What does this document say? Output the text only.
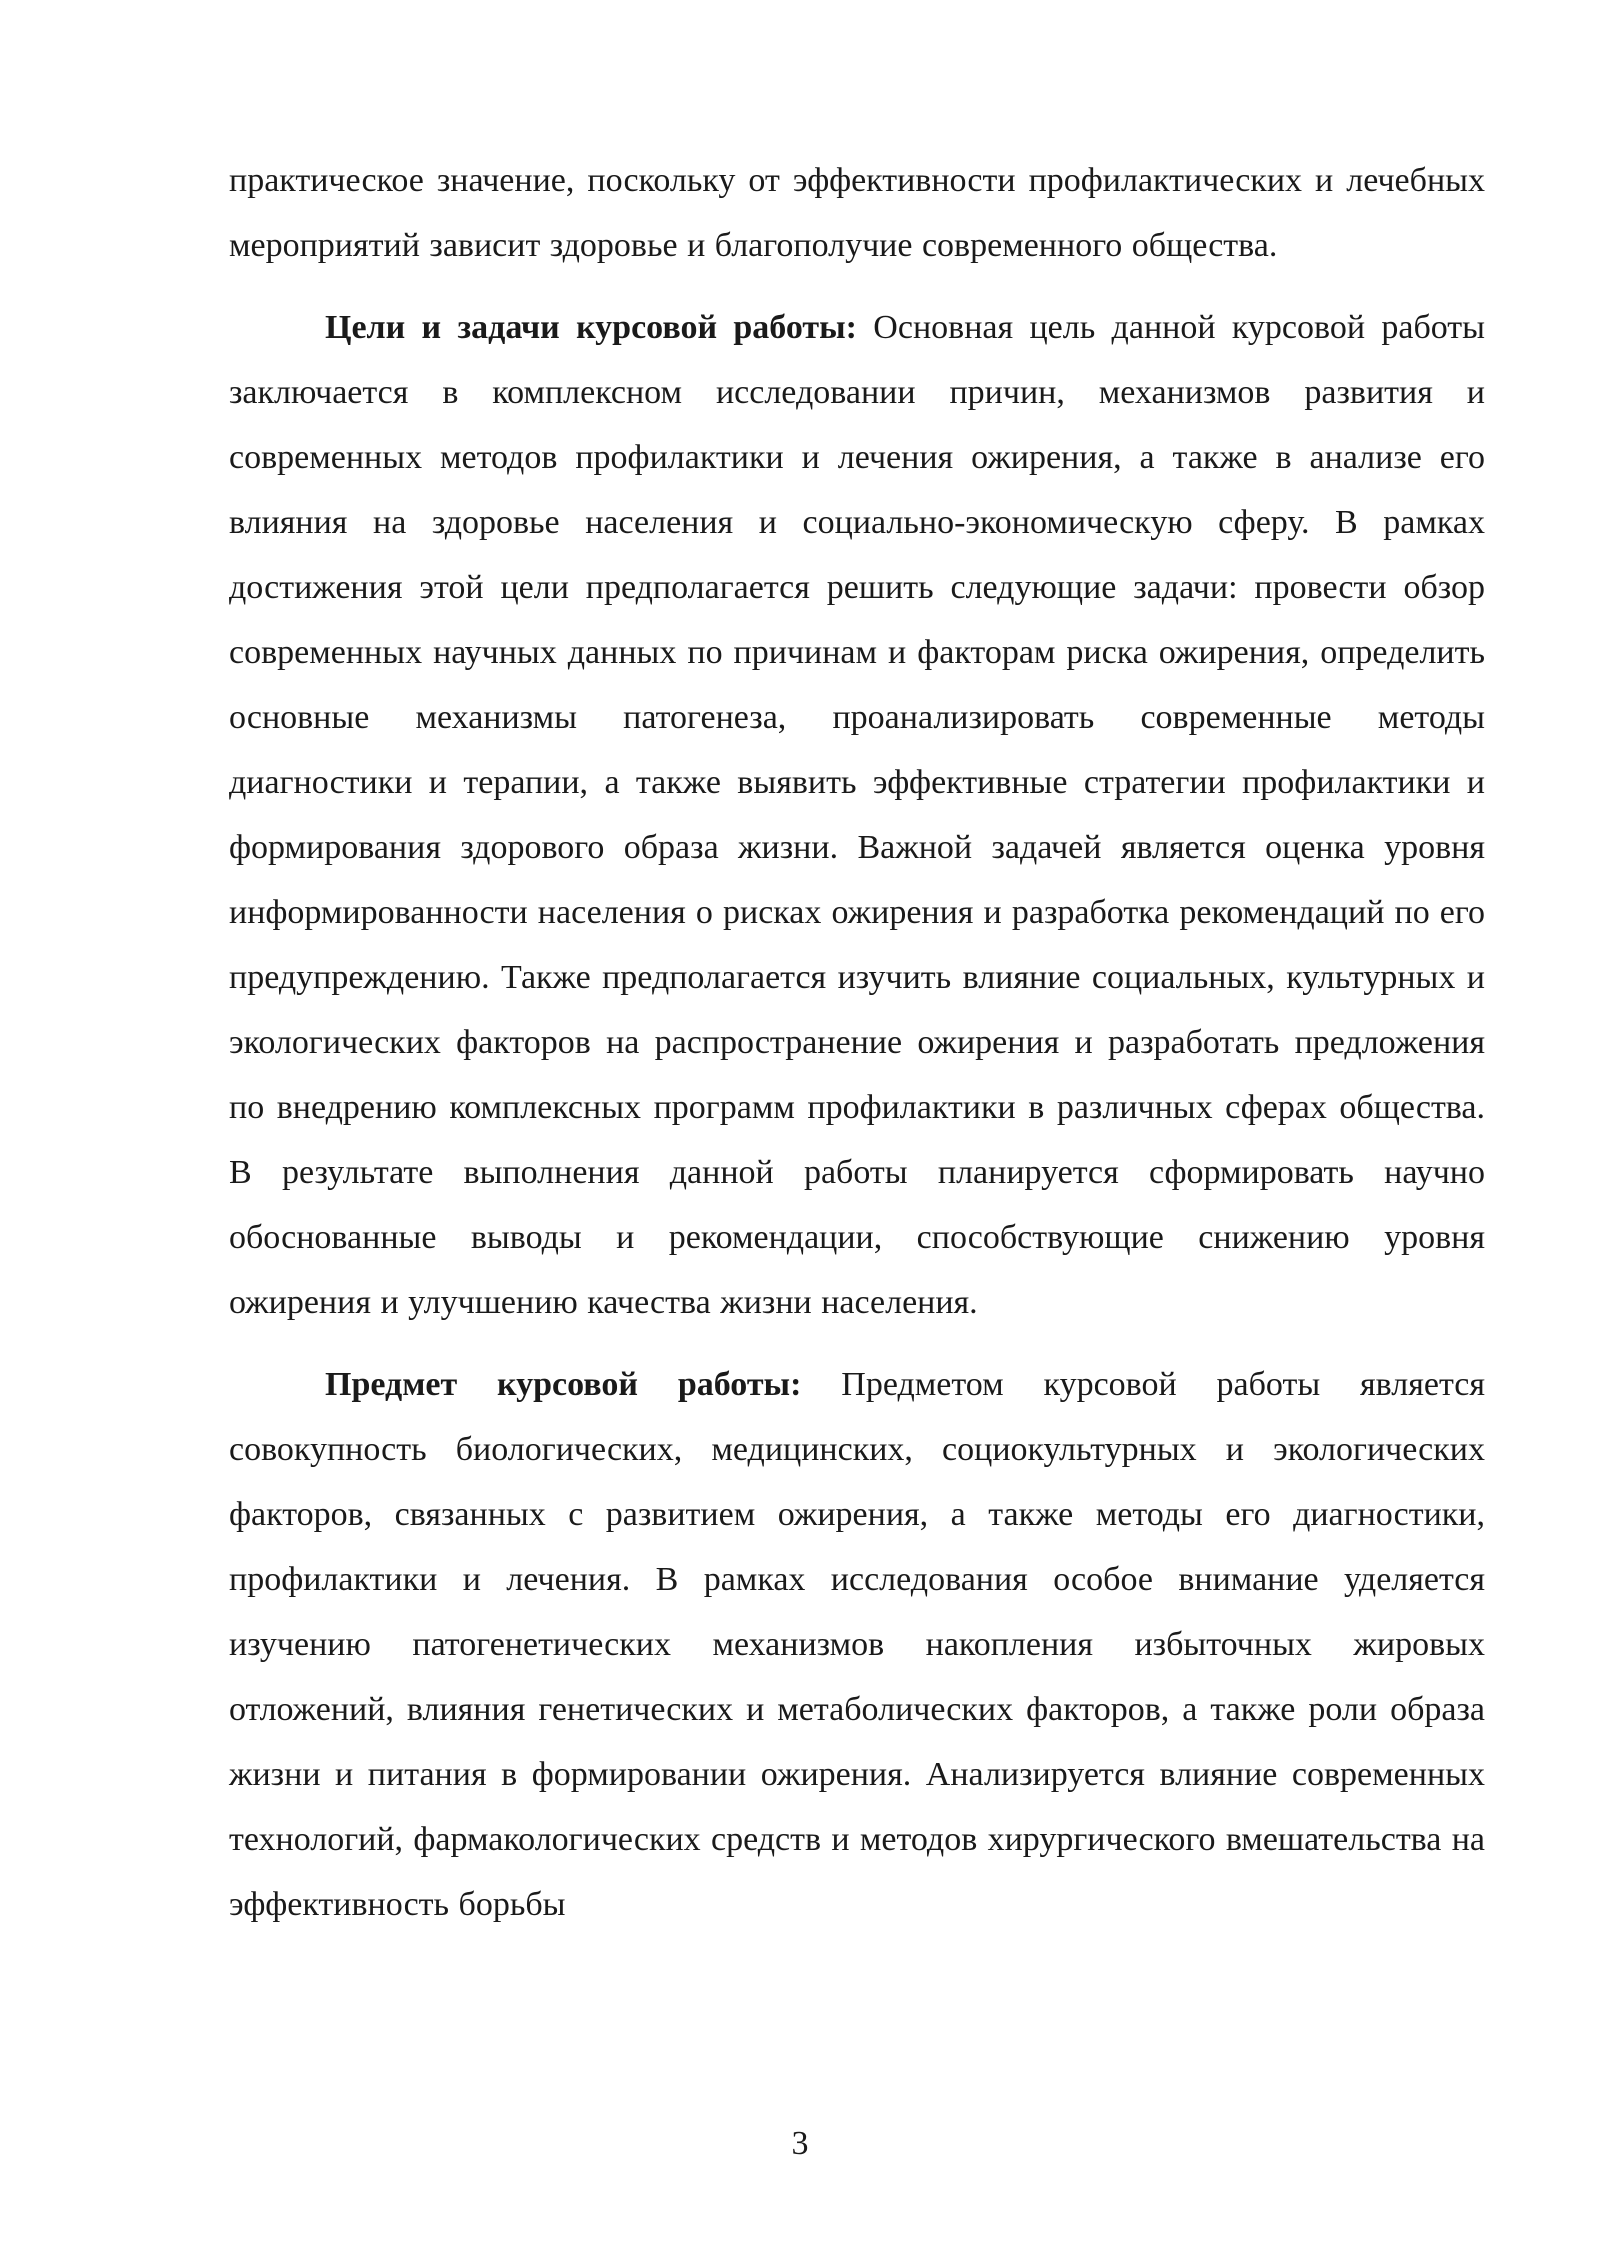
практическое значение, поскольку от эффективности профилактических и лечебных мероприятий зависит здоровье и благополучие современного общества.

Цели и задачи курсовой работы: Основная цель данной курсовой работы заключается в комплексном исследовании причин, механизмов развития и современных методов профилактики и лечения ожирения, а также в анализе его влияния на здоровье населения и социально-экономическую сферу. В рамках достижения этой цели предполагается решить следующие задачи: провести обзор современных научных данных по причинам и факторам риска ожирения, определить основные механизмы патогенеза, проанализировать современные методы диагностики и терапии, а также выявить эффективные стратегии профилактики и формирования здорового образа жизни. Важной задачей является оценка уровня информированности населения о рисках ожирения и разработка рекомендаций по его предупреждению. Также предполагается изучить влияние социальных, культурных и экологических факторов на распространение ожирения и разработать предложения по внедрению комплексных программ профилактики в различных сферах общества. В результате выполнения данной работы планируется сформировать научно обоснованные выводы и рекомендации, способствующие снижению уровня ожирения и улучшению качества жизни населения.

Предмет курсовой работы: Предметом курсовой работы является совокупность биологических, медицинских, социокультурных и экологических факторов, связанных с развитием ожирения, а также методы его диагностики, профилактики и лечения. В рамках исследования особое внимание уделяется изучению патогенетических механизмов накопления избыточных жировых отложений, влияния генетических и метаболических факторов, а также роли образа жизни и питания в формировании ожирения. Анализируется влияние современных технологий, фармакологических средств и методов хирургического вмешательства на эффективность борьбы

3
